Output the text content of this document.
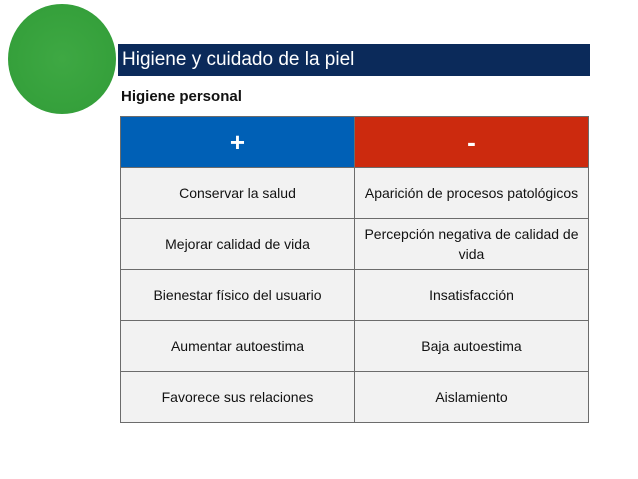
Higiene y cuidado de la piel
Higiene personal
+	-
Conservar la salud	Aparición de procesos patológicos
Mejorar calidad de vida	Percepción negativa de calidad de vida
Bienestar físico del usuario	Insatisfacción
Aumentar autoestima	Baja autoestima
Favorece sus relaciones	Aislamiento
